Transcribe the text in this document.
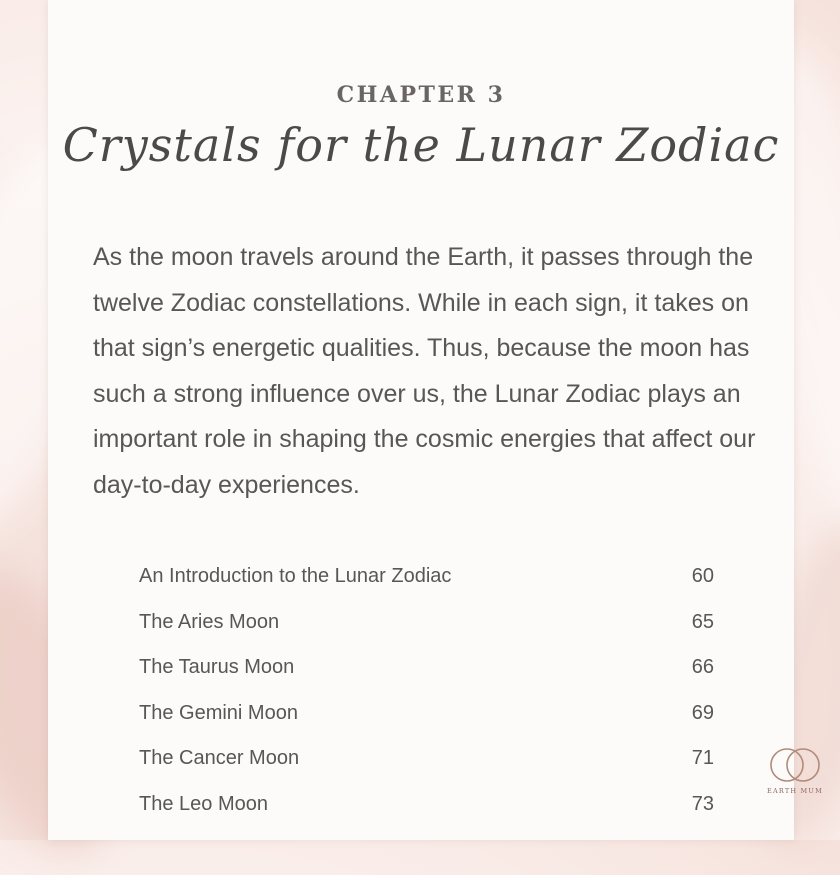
CHAPTER 3
Crystals for the Lunar Zodiac

As the moon travels around the Earth, it passes through the twelve Zodiac constellations. While in each sign, it takes on that sign’s energetic qualities. Thus, because the moon has such a strong influence over us, the Lunar Zodiac plays an important role in shaping the cosmic energies that affect our day-to-day experiences.

An Introduction to the Lunar Zodiac	60
The Aries Moon	65
The Taurus Moon	66
The Gemini Moon	69
The Cancer Moon	71
The Leo Moon	73
EARTH MUM
